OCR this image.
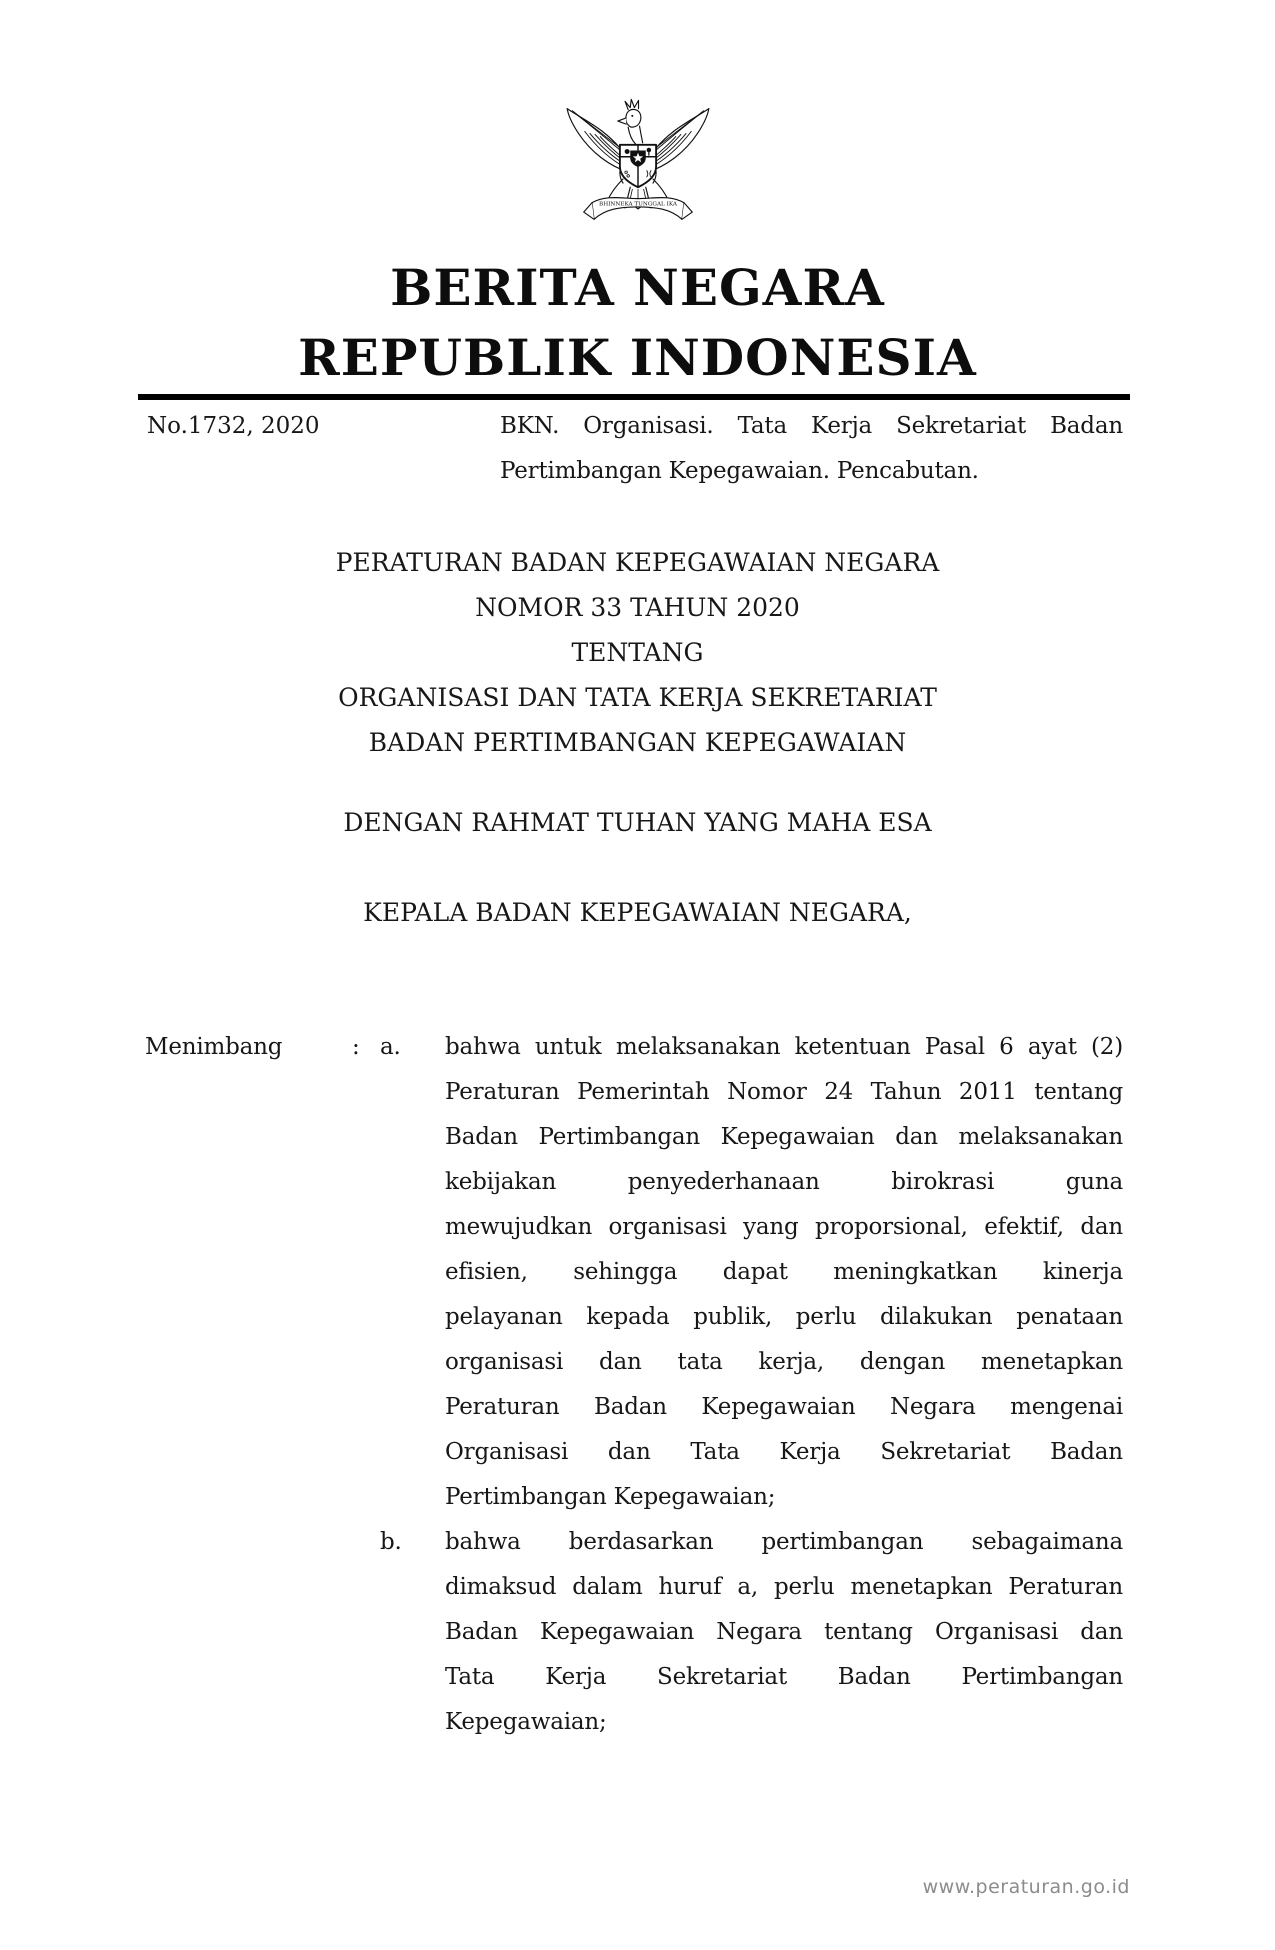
BHINNEKA TUNGGAL IKA
BERITA NEGARA
REPUBLIK INDONESIA
No.1732, 2020	BKN. Organisasi. Tata Kerja Sekretariat Badan
Pertimbangan Kepegawaian. Pencabutan.
PERATURAN BADAN KEPEGAWAIAN NEGARA
NOMOR 33 TAHUN 2020
TENTANG
ORGANISASI DAN TATA KERJA SEKRETARIAT
BADAN PERTIMBANGAN KEPEGAWAIAN
DENGAN RAHMAT TUHAN YANG MAHA ESA
KEPALA BADAN KEPEGAWAIAN NEGARA,
Menimbang	: a.	bahwa untuk melaksanakan ketentuan Pasal 6 ayat (2)
Peraturan Pemerintah Nomor 24 Tahun 2011 tentang
Badan Pertimbangan Kepegawaian dan melaksanakan
kebijakan	penyederhanaan	birokrasi	guna
mewujudkan organisasi yang proporsional, efektif, dan
efisien, sehingga dapat meningkatkan kinerja
pelayanan kepada publik, perlu dilakukan penataan
organisasi dan tata kerja, dengan menetapkan
Peraturan Badan Kepegawaian Negara mengenai
Organisasi dan Tata Kerja Sekretariat Badan
Pertimbangan Kepegawaian;
b.	bahwa berdasarkan pertimbangan sebagaimana
dimaksud dalam huruf a, perlu menetapkan Peraturan
Badan Kepegawaian Negara tentang Organisasi dan
Tata Kerja Sekretariat Badan Pertimbangan
Kepegawaian;
www.peraturan.go.id
